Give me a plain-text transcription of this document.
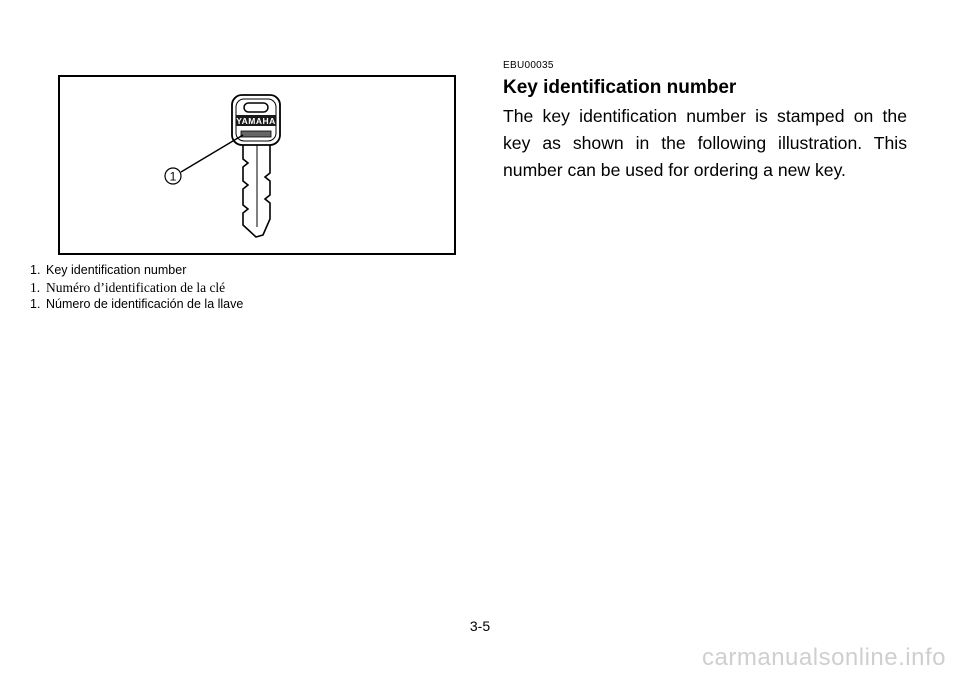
YAMAHA
1
1. Key identification number
1. Numéro d’identification de la clé
1. Número de identificación de la llave
EBU00035
Key identification number

The key identification number is stamped on the key as shown in the following illustration. This number can be used for ordering a new key.

3-5
carmanualsonline.info
